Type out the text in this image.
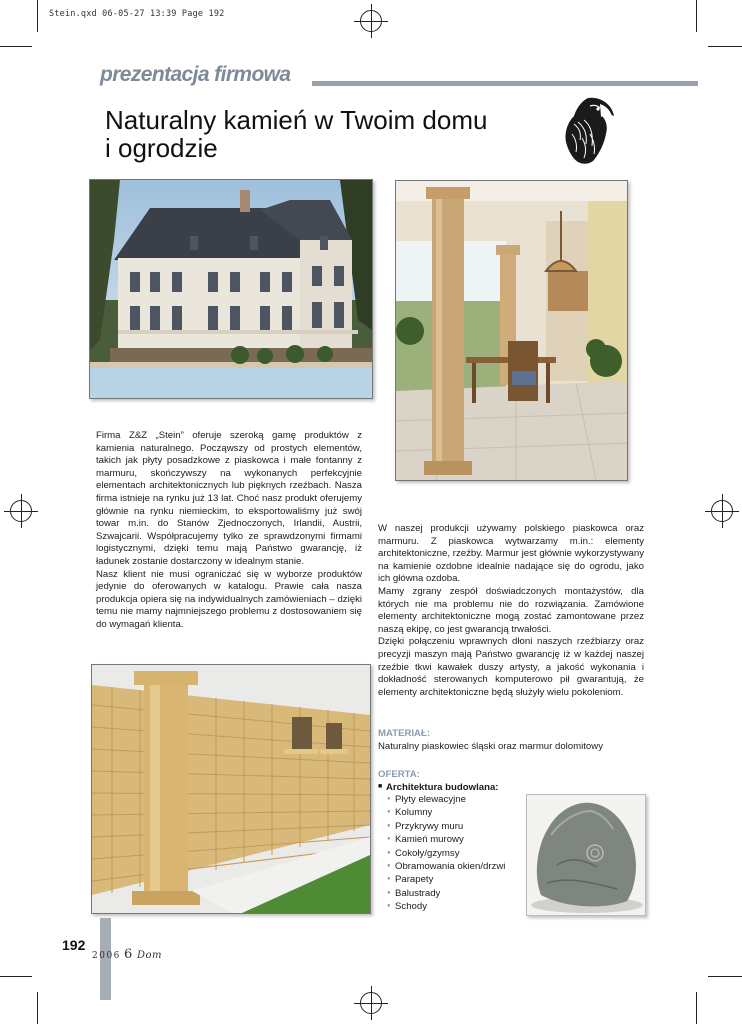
Stein.qxd 06-05-27 13:39 Page 192
prezentacja firmowa
Naturalny kamień w Twoim domu
i ogrodzie

Firma Z&Z „Stein” oferuje szeroką gamę produktów z kamienia naturalnego. Począwszy od prostych elementów, takich jak płyty posadzkowe z piaskowca i małe fontanny z marmuru, skończywszy na wykonanych perfekcyjnie elementach architektonicznych lub pięknych rzeźbach. Nasza firma istnieje na rynku już 13 lat. Choć nasz produkt oferujemy głównie na rynku niemieckim, to eksportowaliśmy już swój towar m.in. do Stanów Zjednoczonych, Irlandii, Austrii, Szwajcarii. Współpracujemy tylko ze sprawdzonymi firmami logistycznymi, dzięki temu mają Państwo gwarancję, iż ładunek zostanie dostarczony w idealnym stanie.

Nasz klient nie musi ograniczać się w wyborze produktów jedynie do oferowanych w katalogu. Prawie cała nasza produkcja opiera się na indywidualnych zamówieniach – dzięki temu nie mamy najmniejszego problemu z dostosowaniem się do wymagań klienta.

W naszej produkcji używamy polskiego piaskowca oraz marmuru. Z piaskowca wytwarzamy m.in.: elementy architektoniczne, rzeźby. Marmur jest głównie wykorzystywany na kamienie ozdobne idealnie nadające się do ogrodu, jako ich główna ozdoba.

Mamy zgrany zespół doświadczonych montażystów, dla których nie ma problemu nie do rozwiązania. Zamówione elementy architektoniczne mogą zostać zamontowane przez naszą ekipę, co jest gwarancją trwałości.

Dzięki połączeniu wprawnych dłoni naszych rzeźbiarzy oraz precyzji maszyn mają Państwo gwarancję iż w każdej naszej rzeźbie tkwi kawałek duszy artysty, a jakość wykonania i dokładność sterowanych komputerowo pił gwarantują, że elementy architektoniczne będą służyły wielu pokoleniom.

MATERIAŁ:

Naturalny piaskowiec śląski oraz marmur dolomitowy

OFERTA:

■ Architektura budowlana:

● Płyty elewacyjne
● Kolumny
● Przykrywy muru
● Kamień murowy
● Cokoły/gzymsy
● Obramowania okien/drzwi
● Parapety
● Balustrady
● Schody
192
2006 6 Dom
